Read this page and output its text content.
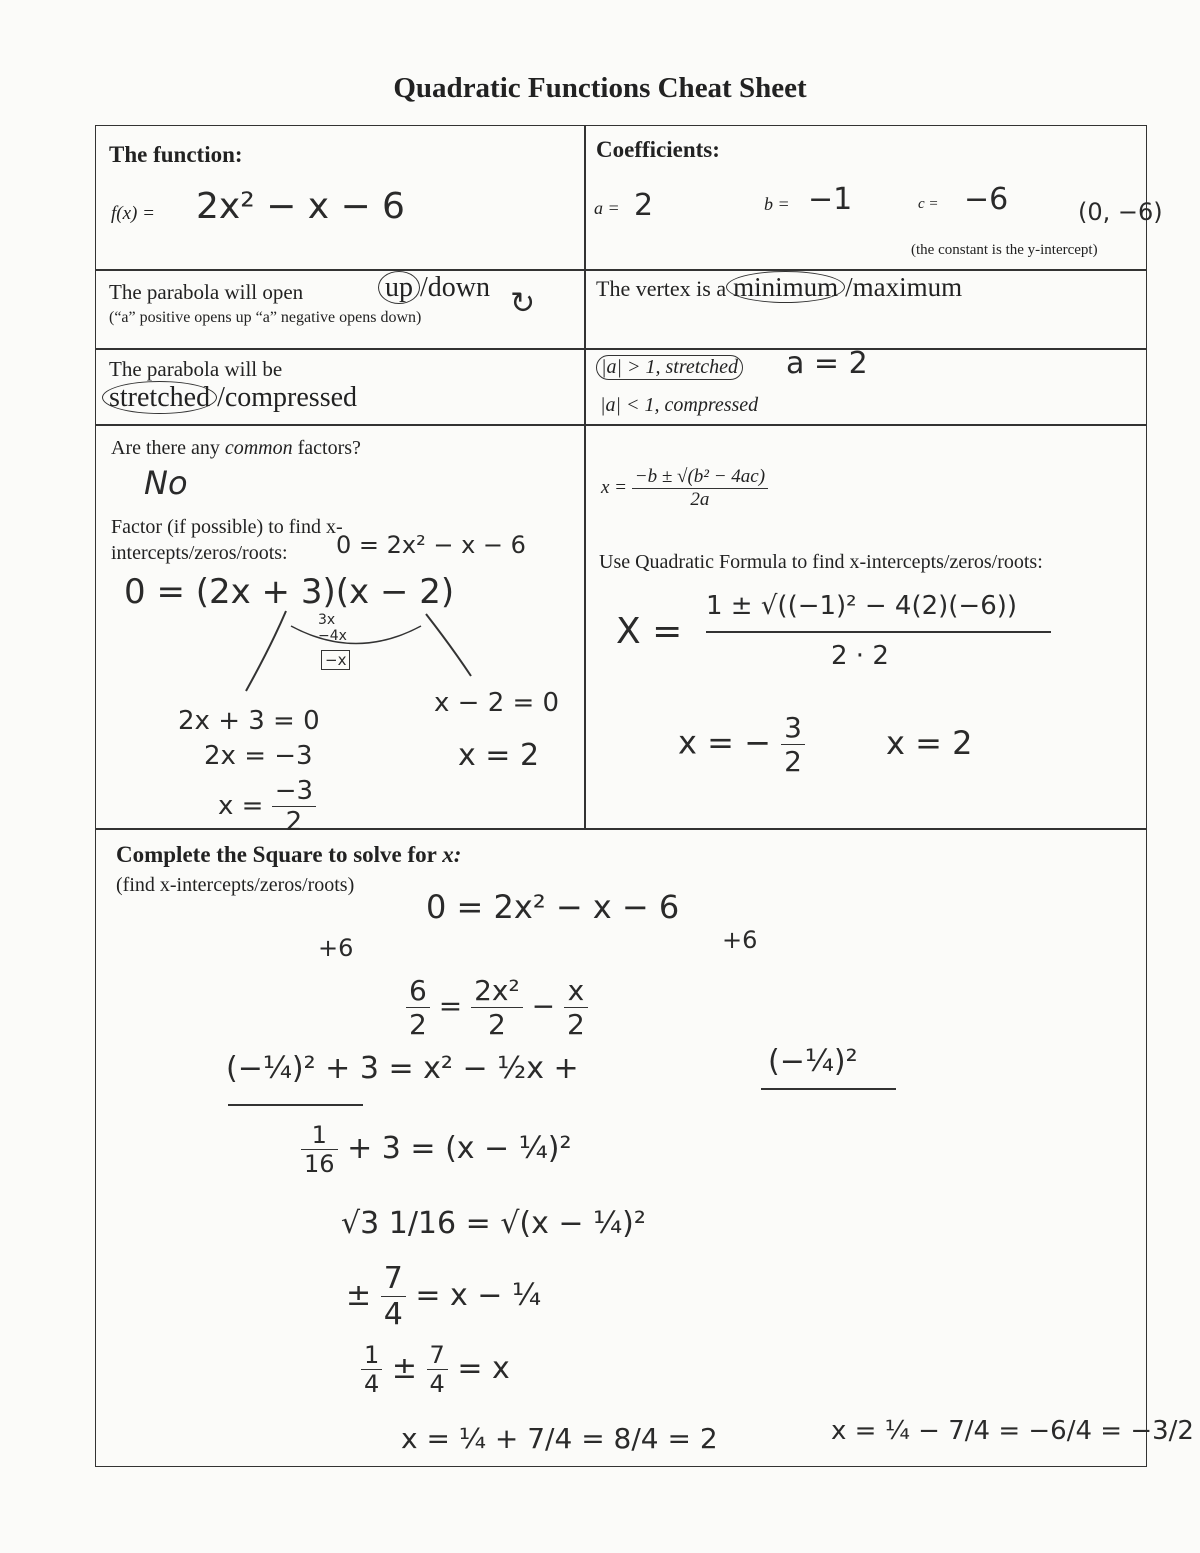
Quadratic Functions Cheat Sheet
The function:
f(x) = 2x² − x − 6
Coefficients:
a = 2	b = −1	c = −6	(0, −6)
(the constant is the y-intercept)
The parabola will open	up /down ↻
(“a” positive opens up “a” negative opens down)
The vertex is a minimum /maximum
The parabola will be
stretched /compressed
|a| > 1, stretched a = 2
|a| < 1, compressed
Are there any common factors?
No
Factor (if possible) to find x-
intercepts/zeros/roots: 0 = 2x² − x − 6
0 = (2x + 3)(x − 2)
3x
−4x
−x
2x + 3 = 0
2x = −3
$x = \frac{-3}{2}$
x − 2 = 0
x = 2
$x = \frac{\text{−b ± √(b² − 4ac)}}{2a}$
Use Quadratic Formula to find x-intercepts/zeros/roots:
X =
1 ± √((−1)² − 4(2)(−6))
2 · 2
x = − $\frac{3}{2}$	x = 2
Complete the Square to solve for x:
(find x-intercepts/zeros/roots)
0 = 2x² − x − 6
+6	+6
$\frac{6}{2} = \frac{\text{2x²}}{2} - \frac{x}{2}$
(−¼)² + 3 = x² − ½x +	(−¼)²
$\frac{1}{16} + 3 = (x$ − ¼)²
√3 1/16 = √(x − ¼)²
± $\frac{7}{4} = x$ − ¼
$\frac{1}{4} \pm \frac{7}{4} = x$
x = ¼ + 7/4 = 8/4 = 2	x = ¼ − 7/4 = −6/4 = −3/2
